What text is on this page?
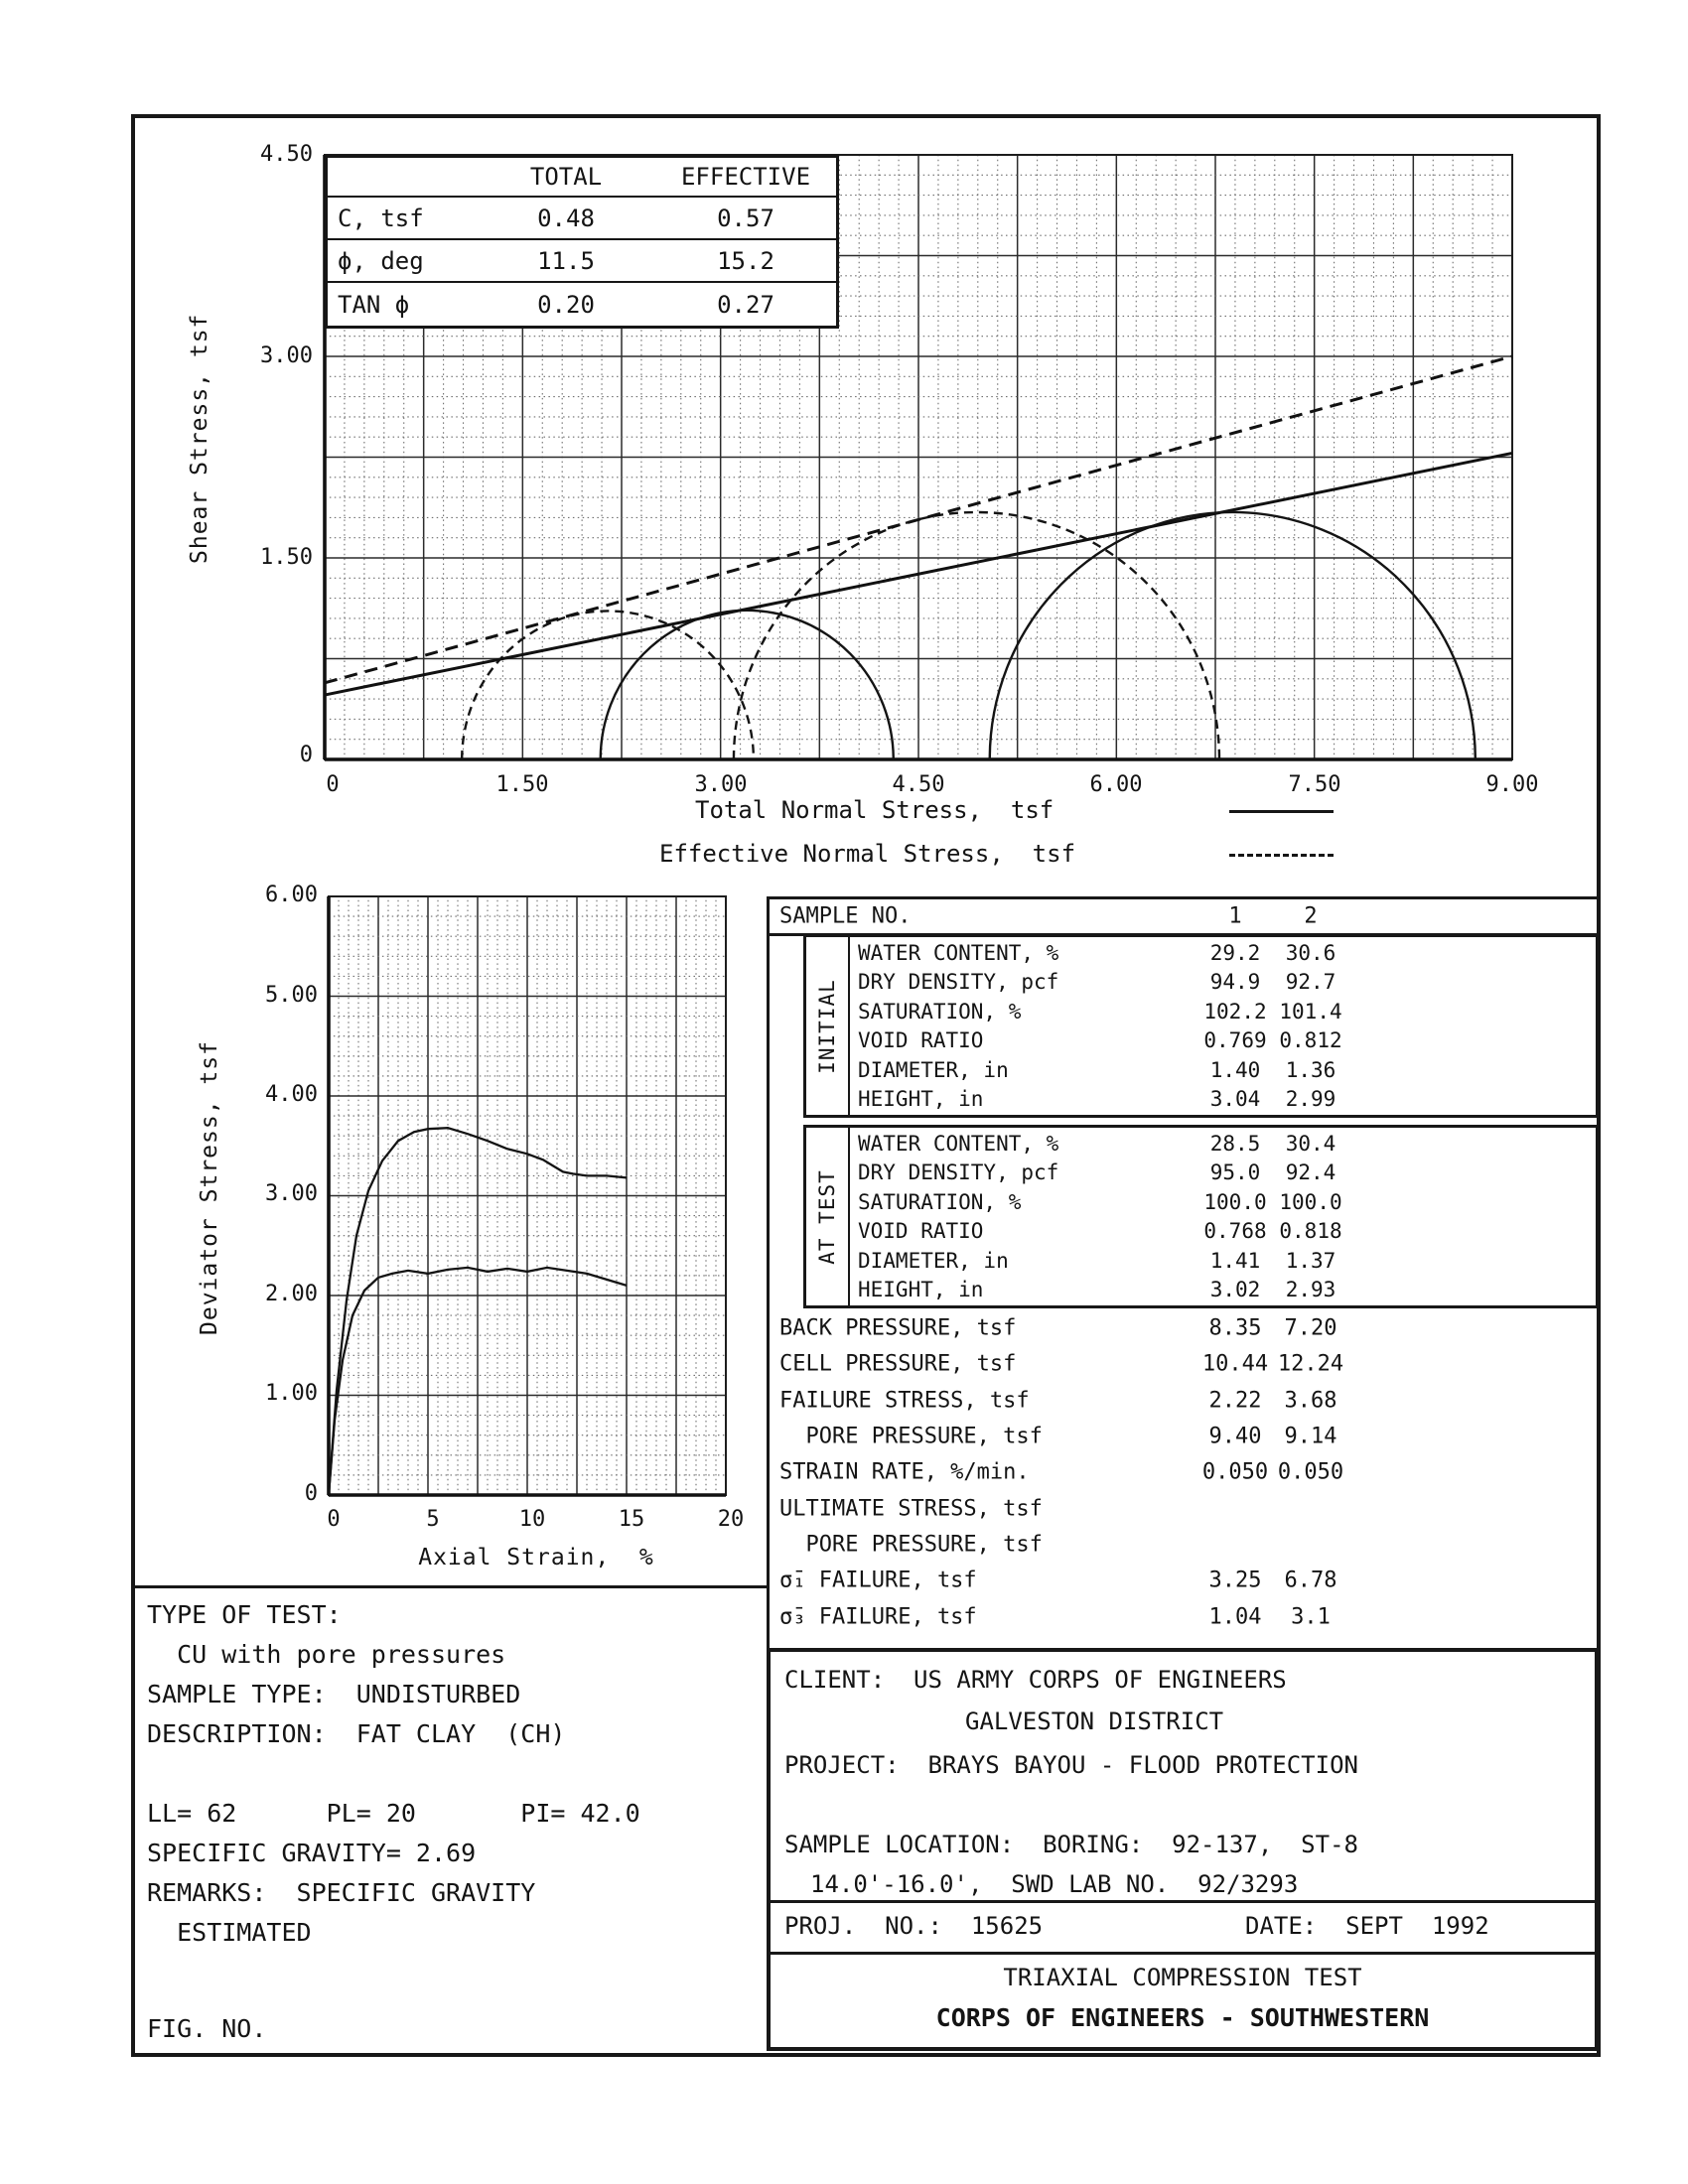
Shear Stress, tsf
4.50
3.00
1.50
0
0	1.50	3.00	4.50	6.00	7.50	9.00
TOTAL	EFFECTIVE
C, tsf	0.48	0.57
ϕ, deg	11.5	15.2
TAN ϕ	0.20	0.27
Total Normal Stress,  tsf
Effective Normal Stress,  tsf
Deviator Stress, tsf
Axial Strain,  %
6.00
5.00
4.00
3.00
2.00
1.00
0
0	5	10	15	20
SAMPLE NO.	1	2
INITIAL
WATER CONTENT, %	29.2	30.6
DRY DENSITY, pcf	94.9	92.7
SATURATION, %	102.2 101.4
VOID RATIO	0.769 0.812
DIAMETER, in	1.40	1.36
HEIGHT, in	3.04	2.99
AT TEST
WATER CONTENT, %	28.5	30.4
DRY DENSITY, pcf	95.0	92.4
SATURATION, %	100.0 100.0
VOID RATIO	0.768 0.818
DIAMETER, in	1.41	1.37
HEIGHT, in	3.02	2.93
BACK PRESSURE, tsf	8.35	7.20
CELL PRESSURE, tsf	10.44 12.24
FAILURE STRESS, tsf	2.22	3.68
PORE PRESSURE, tsf	9.40	9.14
STRAIN RATE, %/min.	0.050 0.050
ULTIMATE STRESS, tsf
PORE PRESSURE, tsf
σ̄₁ FAILURE, tsf	3.25	6.78
σ̄₃ FAILURE, tsf	1.04	3.1
TYPE OF TEST:
CU with pore pressures
SAMPLE TYPE:  UNDISTURBED
DESCRIPTION:  FAT CLAY  (CH)
LL= 62      PL= 20       PI= 42.0
SPECIFIC GRAVITY= 2.69
REMARKS:  SPECIFIC GRAVITY
ESTIMATED
FIG. NO.
CLIENT:  US ARMY CORPS OF ENGINEERS
GALVESTON DISTRICT
PROJECT:  BRAYS BAYOU - FLOOD PROTECTION
SAMPLE LOCATION:  BORING:  92-137,  ST-8
14.0'-16.0',  SWD LAB NO.  92/3293
PROJ.  NO.:  15625	DATE:  SEPT  1992
TRIAXIAL COMPRESSION TEST
CORPS OF ENGINEERS - SOUTHWESTERN
